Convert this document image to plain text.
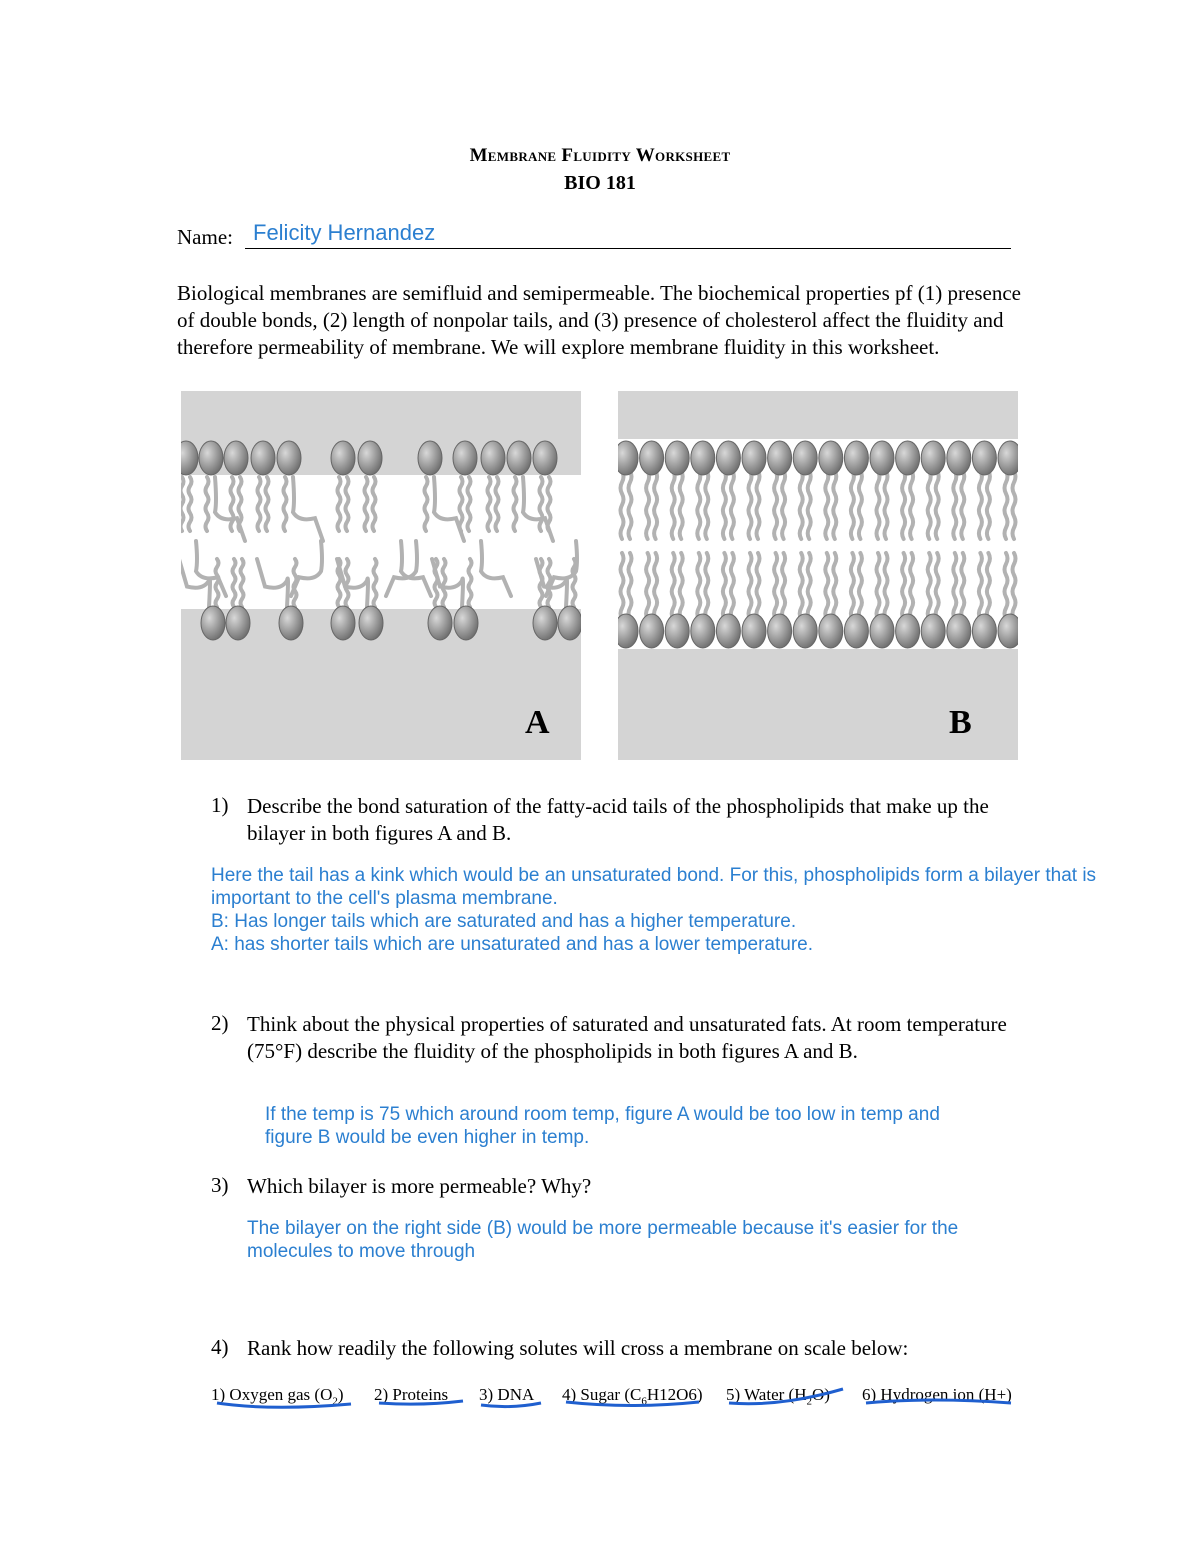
Membrane Fluidity Worksheet
BIO 181
Name: Felicity Hernandez
Biological membranes are semifluid and semipermeable. The biochemical properties pf (1) presence of double bonds, (2) length of nonpolar tails, and (3) presence of cholesterol affect the fluidity and therefore permeability of membrane. We will explore membrane fluidity in this worksheet.
A	B
1) Describe the bond saturation of the fatty-acid tails of the phospholipids that make up the bilayer in both figures A and B.
Here the tail has a kink which would be an unsaturated bond. For this, phospholipids form a bilayer that is
important to the cell's plasma membrane.
B: Has longer tails which are saturated and has a higher temperature.
A: has shorter tails which are unsaturated and has a lower temperature.
2) Think about the physical properties of saturated and unsaturated fats. At room temperature (75°F) describe the fluidity of the phospholipids in both figures A and B.
If the temp is 75 which around room temp, figure A would be too low in temp and
figure B would be even higher in temp.
3) Which bilayer is more permeable? Why?
The bilayer on the right side (B) would be more permeable because it's easier for the
molecules to move through
4) Rank how readily the following solutes will cross a membrane on scale below:
1) Oxygen gas $(O_2)$ 2) Proteins 3) DNA 4) Sugar $(C_6H12O6)$ 5) Water $(H_2O)$ 6) Hydrogen ion (H+)
